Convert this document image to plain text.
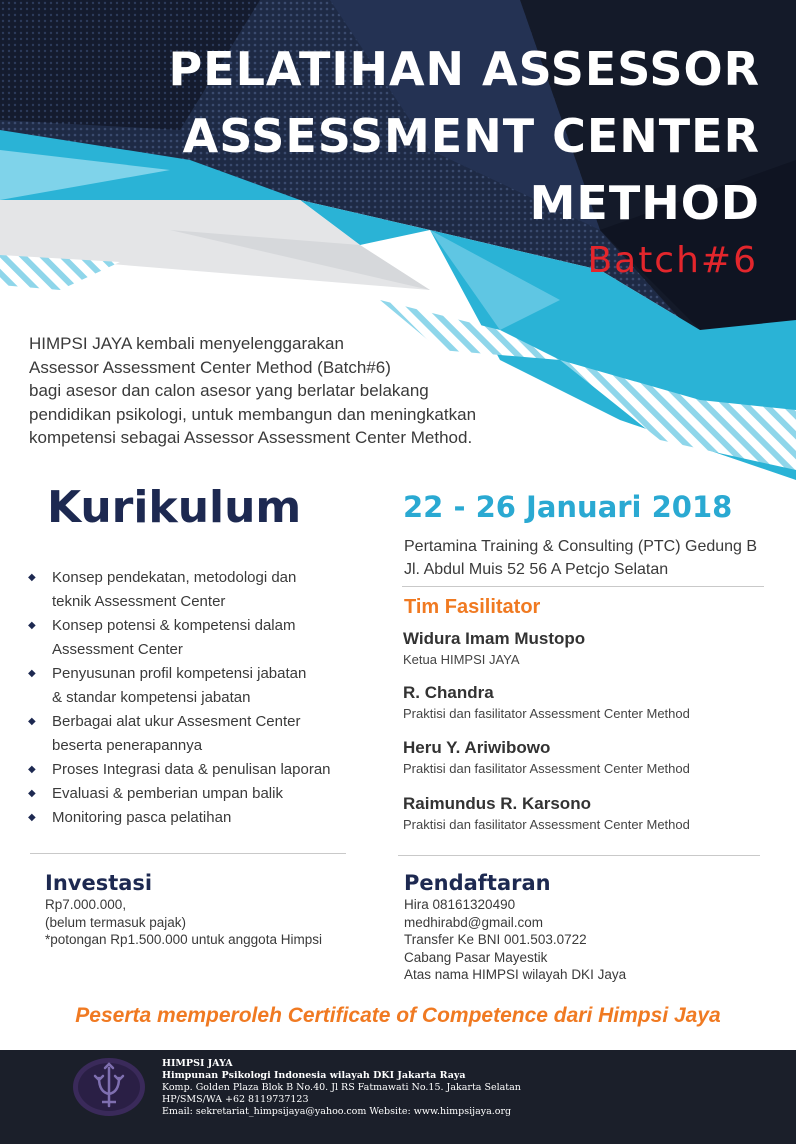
PELATIHAN ASSESSOR
ASSESSMENT CENTER
METHOD
Batch#6
HIMPSI JAYA kembali menyelenggarakan
Assessor Assessment Center Method (Batch#6)
bagi asesor dan calon asesor yang berlatar belakang
pendidikan psikologi, untuk membangun dan meningkatkan
kompetensi sebagai Assessor Assessment Center Method.
Kurikulum
◆ Konsep pendekatan, metodologi dan
teknik Assessment Center
◆ Konsep potensi & kompetensi dalam
Assessment Center
◆ Penyusunan profil kompetensi jabatan
& standar kompetensi jabatan
◆ Berbagai alat ukur Assesment Center
beserta penerapannya
◆ Proses Integrasi data & penulisan laporan
◆ Evaluasi & pemberian umpan balik
◆ Monitoring pasca pelatihan
22 - 26 Januari 2018
Pertamina Training & Consulting (PTC) Gedung B
Jl. Abdul Muis 52 56 A Petcjo Selatan
Tim Fasilitator
Widura Imam Mustopo
Ketua HIMPSI JAYA
R. Chandra
Praktisi dan fasilitator Assessment Center Method
Heru Y. Ariwibowo
Praktisi dan fasilitator Assessment Center Method
Raimundus R. Karsono
Praktisi dan fasilitator Assessment Center Method
Investasi
Rp7.000.000,
(belum termasuk pajak)
*potongan Rp1.500.000 untuk anggota Himpsi
Pendaftaran
Hira 08161320490
medhirabd@gmail.com
Transfer Ke BNI 001.503.0722
Cabang Pasar Mayestik
Atas nama HIMPSI wilayah DKI Jaya
Peserta memperoleh Certificate of Competence dari Himpsi Jaya
HIMPSI JAYA
Himpunan Psikologi Indonesia wilayah DKI Jakarta Raya
Komp. Golden Plaza Blok B No.40. Jl RS Fatmawati No.15. Jakarta Selatan
HP/SMS/WA +62 8119737123
Email: sekretariat_himpsijaya@yahoo.com Website: www.himpsijaya.org
